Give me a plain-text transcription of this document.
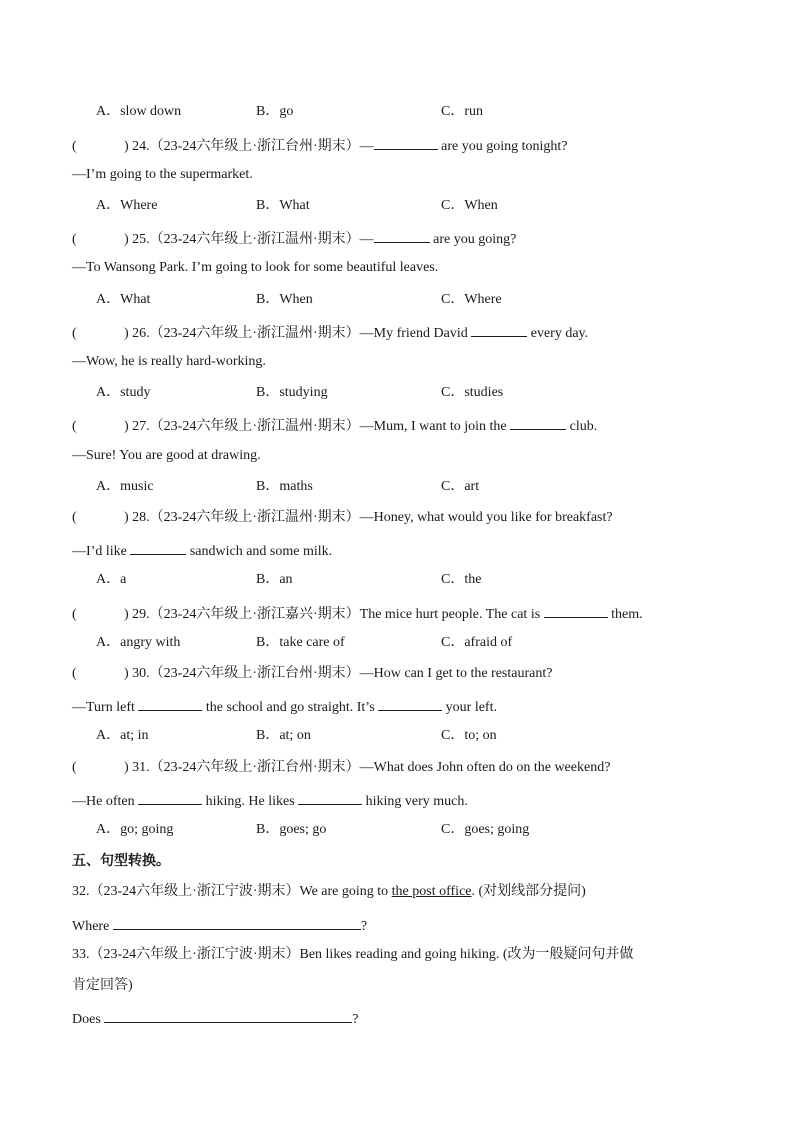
A．slow down	B．go	C．run
(	) 24.（23-24六年级上·浙江台州·期末）—	are you going tonight?
—I’m going to the supermarket.
A．Where	B．What	C．When
(	) 25.（23-24六年级上·浙江温州·期末）—	are you going?
—To Wansong Park. I’m going to look for some beautiful leaves.
A．What	B．When	C．Where
(	) 26.（23-24六年级上·浙江温州·期末）—My friend David	every day.
—Wow, he is really hard-working.
A．study	B．studying	C．studies
(	) 27.（23-24六年级上·浙江温州·期末）—Mum, I want to join the	club.
—Sure! You are good at drawing.
A．music	B．maths	C．art
(	) 28.（23-24六年级上·浙江温州·期末）—Honey, what would you like for breakfast?
—I’d like	sandwich and some milk.
A．a	B．an	C．the
(	) 29.（23-24六年级上·浙江嘉兴·期末）The mice hurt people. The cat is	them.
A．angry with	B．take care of	C．afraid of
(	) 30.（23-24六年级上·浙江台州·期末）—How can I get to the restaurant?
—Turn left	the school and go straight. It’s	your left.
A．at; in	B．at; on	C．to; on
(	) 31.（23-24六年级上·浙江台州·期末）—What does John often do on the weekend?
—He often	hiking. He likes	hiking very much.
A．go; going	B．goes; go	C．goes; going
五、句型转换。
32.（23-24六年级上·浙江宁波·期末）We are going to the post office. (对划线部分提问)
Where	?
33.（23-24六年级上·浙江宁波·期末）Ben likes reading and going hiking. (改为一般疑问句并做
肯定回答)
Does	?
